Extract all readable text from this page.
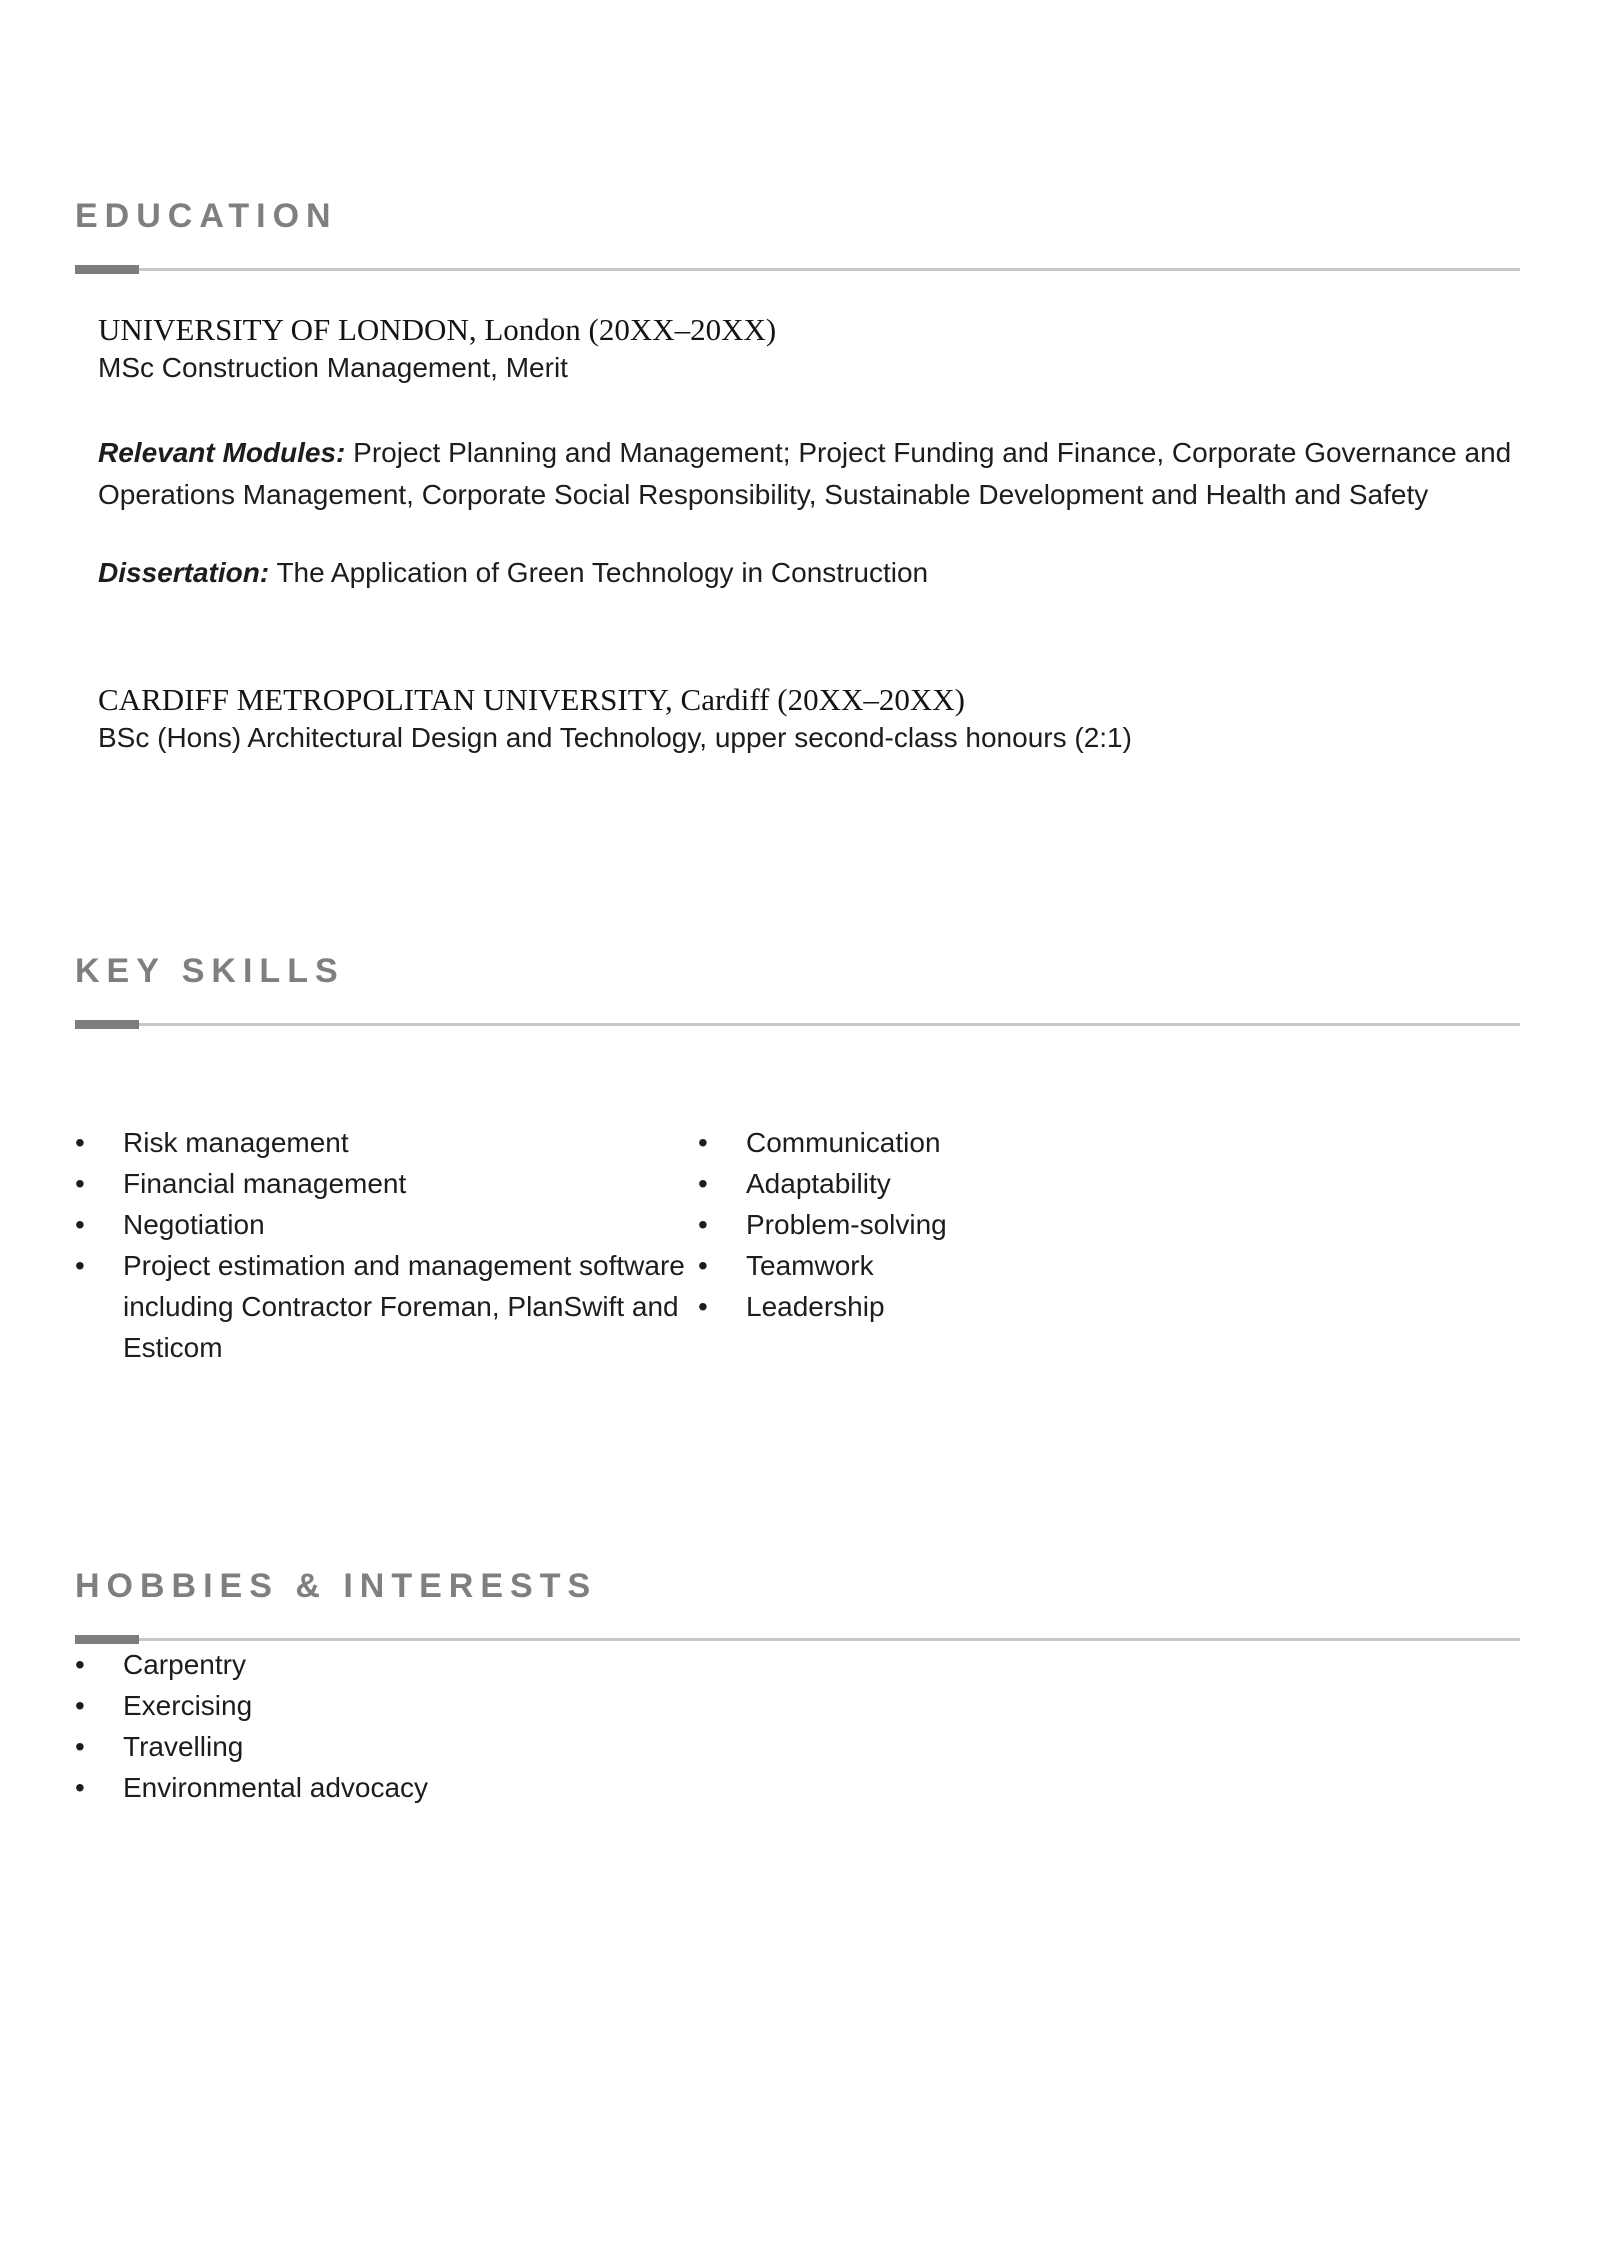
EDUCATION
UNIVERSITY OF LONDON, London (20XX–20XX)
MSc Construction Management, Merit

Relevant Modules: Project Planning and Management; Project Funding and Finance, Corporate Governance and Operations Management, Corporate Social Responsibility, Sustainable Development and Health and Safety

Dissertation: The Application of Green Technology in Construction

CARDIFF METROPOLITAN UNIVERSITY, Cardiff (20XX–20XX)
BSc (Hons) Architectural Design and Technology, upper second-class honours (2:1)
KEY SKILLS
•
Risk management
•
Financial management
•
Negotiation
•
Project estimation and management software including Contractor Foreman, PlanSwift and Esticom
•
Communication
•
Adaptability
•
Problem-solving
•
Teamwork
•
Leadership
HOBBIES & INTERESTS
•
Carpentry
•
Exercising
•
Travelling
•
Environmental advocacy
